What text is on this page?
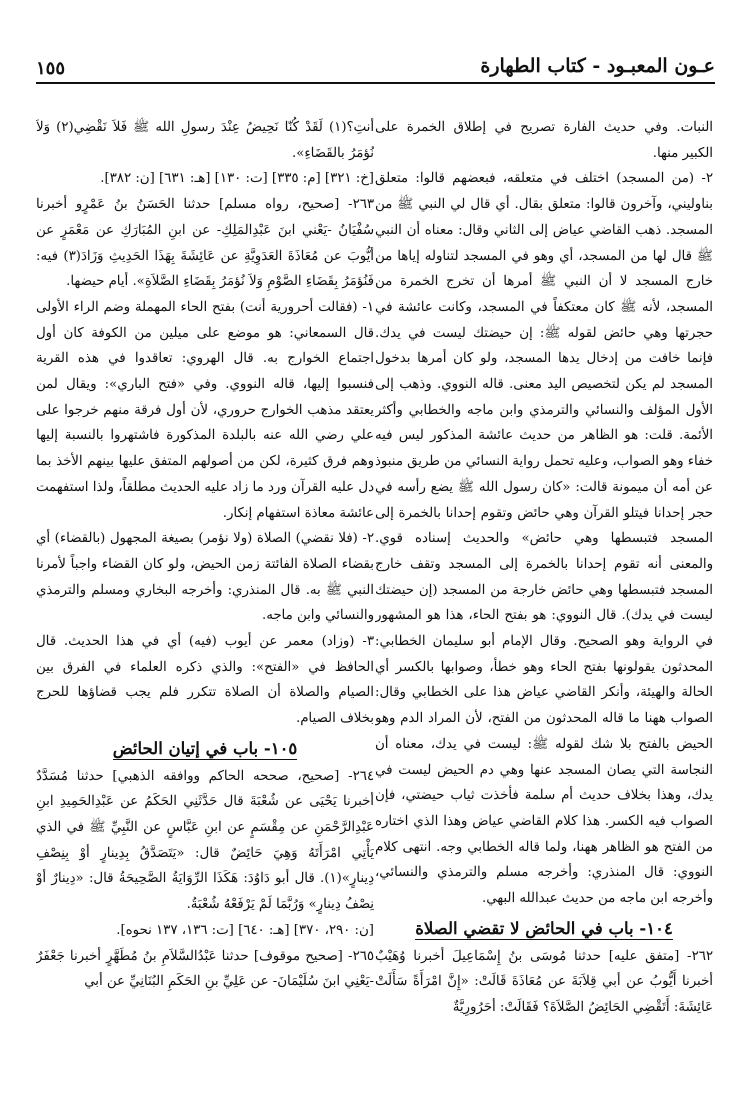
١٥٥	عـون المعبـود - كتاب الطهارة

النبات. وفي حديث الفارة تصريح في إطلاق الخمرة على الكبير منها.

٢- (من المسجد) اختلف في متعلقه، فبعضهم قالوا: متعلق بناوليني، وآخرون قالوا: متعلق بقال. أي قال لي النبي ﷺ من المسجد. ذهب القاضي عياض إلى الثاني وقال: معناه أن النبي ﷺ قال لها من المسجد، أي وهو في المسجد لتناوله إياها من خارج المسجد لا أن النبي ﷺ أمرها أن تخرج الخمرة من المسجد، لأنه ﷺ كان معتكفاً في المسجد، وكانت عائشة في حجرتها وهي حائض لقوله ﷺ: إن حيضتك ليست في يدك. فإنما خافت من إدخال يدها المسجد، ولو كان أمرها بدخول المسجد لم يكن لتخصيص اليد معنى. قاله النووي. وذهب إلى الأول المؤلف والنسائي والترمذي وابن ماجه والخطابي وأكثر الأئمة. قلت: هو الظاهر من حديث عائشة المذكور ليس فيه خفاء وهو الصواب، وعليه تحمل رواية النسائي من طريق منبوذ عن أمه أن ميمونة قالت: «كان رسول الله ﷺ يضع رأسه في حجر إحدانا فيتلو القرآن وهي حائض وتقوم إحدانا بالخمرة إلى المسجد فتبسطها وهي حائض» والحديث إسناده قوي. والمعنى أنه تقوم إحدانا بالخمرة إلى المسجد وتقف خارج المسجد فتبسطها وهي حائض خارجة من المسجد (إن حيضتك ليست في يدك). قال النووي: هو بفتح الحاء، هذا هو المشهور في الرواية وهو الصحيح. وقال الإمام أبو سليمان الخطابي: المحدثون يقولونها بفتح الحاء وهو خطأ، وصوابها بالكسر أي الحالة والهيئة، وأنكر القاضي عياض هذا على الخطابي وقال: الصواب ههنا ما قاله المحدثون من الفتح، لأن المراد الدم وهو الحيض بالفتح بلا شك لقوله ﷺ: ليست في يدك، معناه أن النجاسة التي يصان المسجد عنها وهي دم الحيض ليست في يدك، وهذا بخلاف حديث أم سلمة فأخذت ثياب حيضتي، فإن الصواب فيه الكسر. هذا كلام القاضي عياض وهذا الذي اختاره من الفتح هو الظاهر ههنا، ولما قاله الخطابي وجه. انتهى كلام النووي: قال المنذري: وأخرجه مسلم والترمذي والنسائي، وأخرجه ابن ماجه من حديث عبدالله البهي.

١٠٤- باب في الحائض لا تقضي الصلاة

٢٦٢- [متفق عليه] حدثنا مُوسَى بنُ إِسْمَاعِيلَ أخبرنا وُهَيْبٌ أخبرنا أَيُّوبُ عن أبي قِلاَبَةَ عن مُعَاذَةَ قَالَتْ: «إِنَّ امْرَأَةً سَأَلَتْ عَائِشَةَ: أَتَقْضِي الحَائِضُ الصَّلاَةَ؟ فَقَالَتْ: أحَرُورِيَّةٌ

أنتِ؟(١) لَقَدْ كُنّا نَحِيضُ عِنْدَ رسولِ الله ﷺ فَلاَ نَقْضِي(٢) وَلاَ نُؤمَرُ بالقَضَاءِ».

[خ: ٣٢١] [م: ٣٣٥] [ت: ١٣٠] [هـ: ٦٣١] [ن: ٣٨٢].

٢٦٣- [صحيح، رواه مسلم] حدثنا الحَسَنُ بنُ عَمْرٍو أخبرنا سُفْيَانُ -يَعْني ابنَ عَبْدِالمَلِكِ- عن ابنِ المُبَارَكِ عن مَعْمَرٍ عن أيُّوبَ عن مُعَاذَةَ العَدَوِيَّةِ عن عَائِشَةَ بِهَذَا الحَدِيثِ وَزَادَ(٣) فيه: فَنُؤمَرُ بِقَضَاءِ الصَّوْمِ وَلاَ نُؤمَرُ بِقَضَاءِ الصَّلاَةِ». أيام حيضها.

١- (فقالت أحرورية أنت) بفتح الحاء المهملة وضم الراء الأولى قال السمعاني: هو موضع على ميلين من الكوفة كان أول اجتماع الخوارج به. قال الهروي: تعاقدوا في هذه القرية فنسبوا إليها، قاله النووي. وفي «فتح الباري»: ويقال لمن يعتقد مذهب الخوارج حروري، لأن أول فرقة منهم خرجوا على علي رضي الله عنه بالبلدة المذكورة فاشتهروا بالنسبة إليها وهم فرق كثيرة، لكن من أصولهم المتفق عليها بينهم الأخذ بما دل عليه القرآن ورد ما زاد عليه الحديث مطلقاً، ولذا استفهمت عائشة معاذة استفهام إنكار.

٢- (فلا نقضي) الصلاة (ولا نؤمر) بصيغة المجهول (بالقضاء) أي بقضاء الصلاة الفائتة زمن الحيض، ولو كان القضاء واجباً لأمرنا النبي ﷺ به. قال المنذري: وأخرجه البخاري ومسلم والترمذي والنسائي وابن ماجه.

٣- (وزاد) معمر عن أيوب (فيه) أي في هذا الحديث. قال الحافظ في «الفتح»: والذي ذكره العلماء في الفرق بين الصيام والصلاة أن الصلاة تتكرر فلم يجب قضاؤها للحرج بخلاف الصيام.

١٠٥- باب في إتيان الحائض

٢٦٤- [صحيح، صححه الحاكم ووافقه الذهبي] حدثنا مُسَدَّدٌ أخبرنا يَحْيَى عن شُعْبَةَ قال حَدَّثَنِي الحَكَمُ عن عَبْدِالحَمِيدِ ابنِ عَبْدِالرَّحْمَنِ عن مِقْسَمٍ عن ابنِ عَبَّاسٍ عن النَّبِيِّ ﷺ في الذي يَأْتِي امْرَأَتَهُ وَهِيَ حَائِضٌ قال: «يَتَصَدَّقُ بِدِينارٍ أوْ بِنِصْفِ دِينارٍ»(١). قال أبو دَاوُدَ: هَكَذَا الرِّوَايَةُ الصَّحِيحَةُ قال: «دِينارٌ أوْ نِصْفُ دِينارٍ» وَرُبَّمَا لَمْ يَرْفَعْهُ شُعْبَةُ.

[ن: ٢٩٠، ٣٧٠] [هـ: ٦٤٠] [ت: ١٣٦، ١٣٧ نحوه].

٢٦٥- [صحيح موقوف] حدثنا عَبْدُالسَّلاَمِ بنُ مُطَهَّرٍ أخبرنا جَعْفَرٌ -يَعْنِي ابنَ سُلَيْمَانَ- عن عَلِيِّ بنِ الحَكَمِ البُنَانِيِّ عن أبي
